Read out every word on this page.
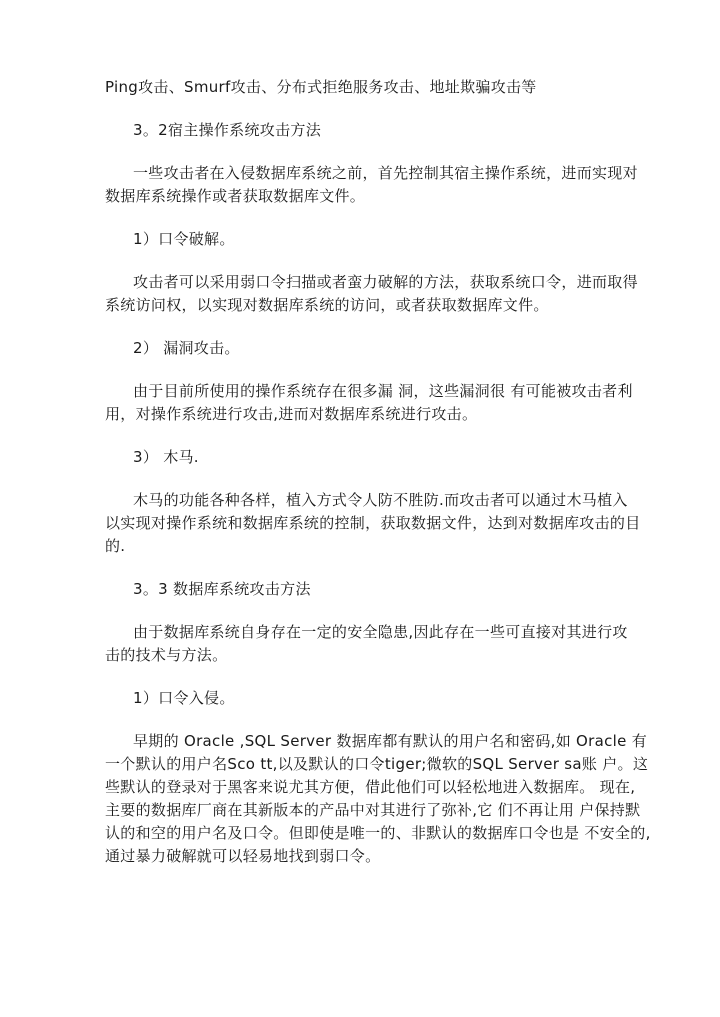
Ping攻击、Smurf攻击、分布式拒绝服务攻击、地址欺骗攻击等
3。2宿主操作系统攻击方法
一些攻击者在入侵数据库系统之前，首先控制其宿主操作系统，进而实现对
数据库系统操作或者获取数据库文件。
1）口令破解。
攻击者可以采用弱口令扫描或者蛮力破解的方法，获取系统口令，进而取得
系统访问权，以实现对数据库系统的访问，或者获取数据库文件。
2） 漏洞攻击。
由于目前所使用的操作系统存在很多漏 洞，这些漏洞很 有可能被攻击者利
用，对操作系统进行攻击,进而对数据库系统进行攻击。
3） 木马.
木马的功能各种各样，植入方式令人防不胜防.而攻击者可以通过木马植入
以实现对操作系统和数据库系统的控制，获取数据文件，达到对数据库攻击的目
的.
3。3 数据库系统攻击方法
由于数据库系统自身存在一定的安全隐患,因此存在一些可直接对其进行攻
击的技术与方法。
1）口令入侵。
早期的 Oracle ,SQL Server 数据库都有默认的用户名和密码,如 Oracle 有
一个默认的用户名Sco tt,以及默认的口令tiger;微软的SQL Server sa账 户。这
些默认的登录对于黑客来说尤其方便，借此他们可以轻松地进入数据库。 现在,
主要的数据库厂商在其新版本的产品中对其进行了弥补,它 们不再让用 户保持默
认的和空的用户名及口令。但即使是唯一的、非默认的数据库口令也是 不安全的,
通过暴力破解就可以轻易地找到弱口令。
